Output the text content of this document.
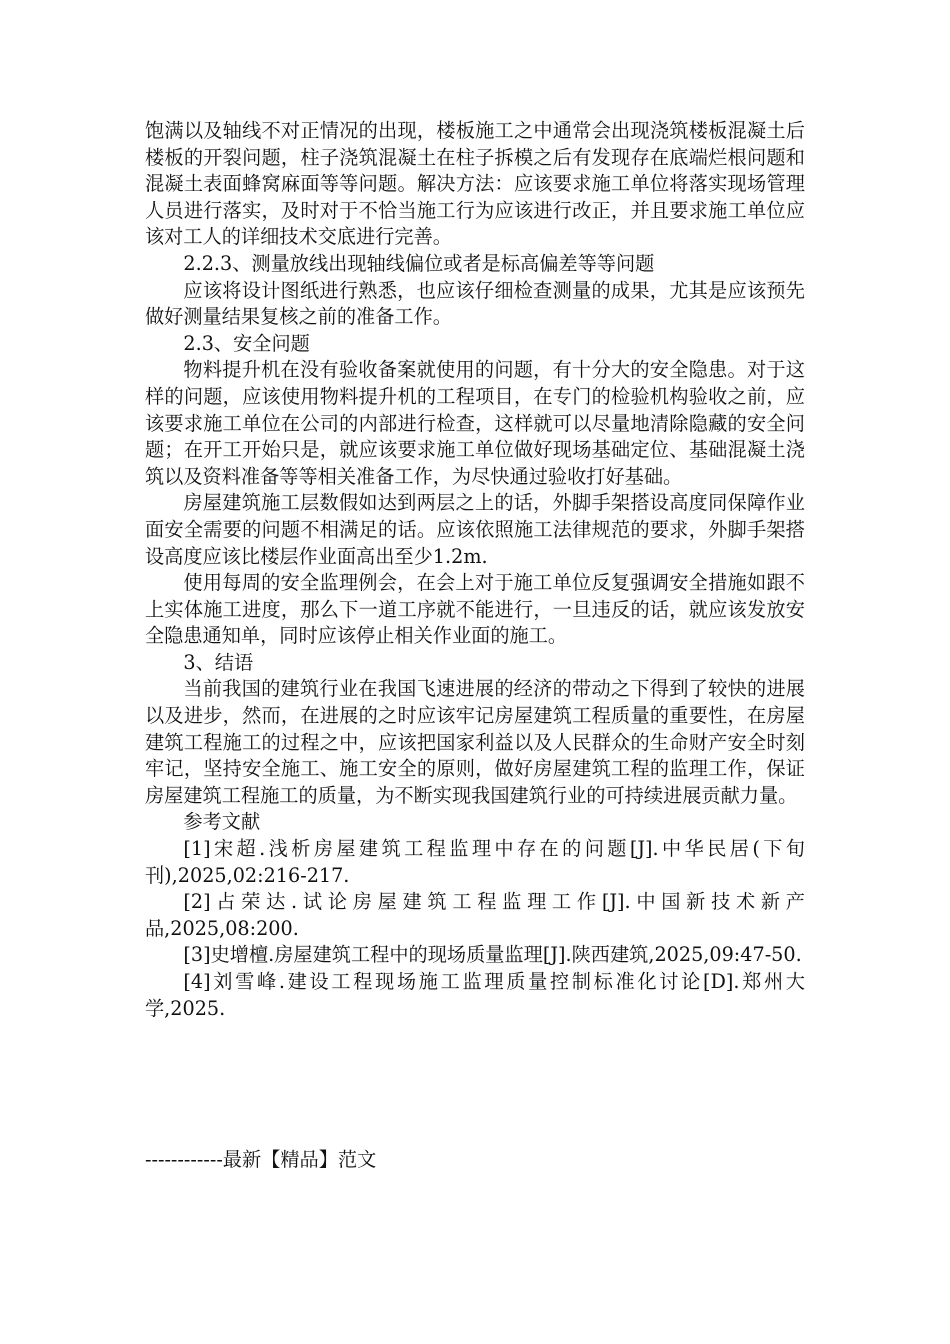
饱满以及轴线不对正情况的出现，楼板施工之中通常会出现浇筑楼板混凝土后楼板的开裂问题，柱子浇筑混凝土在柱子拆模之后有发现存在底端烂根问题和混凝土表面蜂窝麻面等等问题。解决方法：应该要求施工单位将落实现场管理人员进行落实，及时对于不恰当施工行为应该进行改正，并且要求施工单位应该对工人的详细技术交底进行完善。

2.2.3、测量放线出现轴线偏位或者是标高偏差等等问题

应该将设计图纸进行熟悉，也应该仔细检查测量的成果，尤其是应该预先做好测量结果复核之前的准备工作。

2.3、安全问题

物料提升机在没有验收备案就使用的问题，有十分大的安全隐患。对于这样的问题，应该使用物料提升机的工程项目，在专门的检验机构验收之前，应该要求施工单位在公司的内部进行检查，这样就可以尽量地清除隐藏的安全问题；在开工开始只是，就应该要求施工单位做好现场基础定位、基础混凝土浇筑以及资料准备等等相关准备工作，为尽快通过验收打好基础。

房屋建筑施工层数假如达到两层之上的话，外脚手架搭设高度同保障作业面安全需要的问题不相满足的话。应该依照施工法律规范的要求，外脚手架搭设高度应该比楼层作业面高出至少1.2m.

使用每周的安全监理例会，在会上对于施工单位反复强调安全措施如跟不上实体施工进度，那么下一道工序就不能进行，一旦违反的话，就应该发放安全隐患通知单，同时应该停止相关作业面的施工。

3、结语

当前我国的建筑行业在我国飞速进展的经济的带动之下得到了较快的进展以及进步，然而，在进展的之时应该牢记房屋建筑工程质量的重要性，在房屋建筑工程施工的过程之中，应该把国家利益以及人民群众的生命财产安全时刻牢记，坚持安全施工、施工安全的原则，做好房屋建筑工程的监理工作，保证房屋建筑工程施工的质量，为不断实现我国建筑行业的可持续进展贡献力量。

参考文献

[1]宋超.浅析房屋建筑工程监理中存在的问题[J].中华民居(下旬刊),2025,02:216-217.

[2]占荣达.试论房屋建筑工程监理工作[J].中国新技术新产品,2025,08:200.

[3]史增檀.房屋建筑工程中的现场质量监理[J].陕西建筑,2025,09:47-50.

[4]刘雪峰.建设工程现场施工监理质量控制标准化讨论[D].郑州大学,2025.

------------最新【精品】范文
